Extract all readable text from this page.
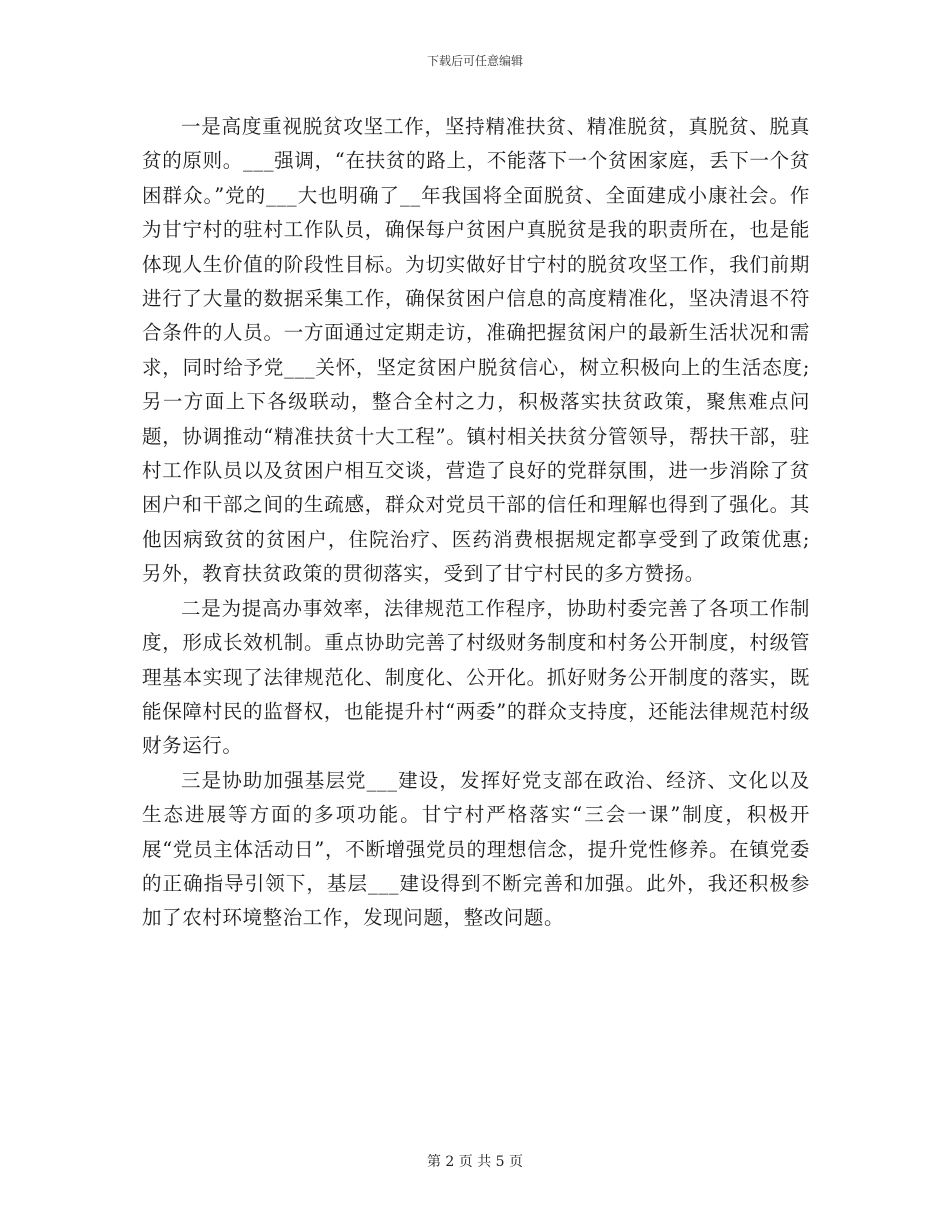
下载后可任意编辑

一是高度重视脱贫攻坚工作，坚持精准扶贫、精准脱贫，真脱贫、脱真贫的原则。___强调，“在扶贫的路上，不能落下一个贫困家庭，丢下一个贫困群众。”党的___大也明确了__年我国将全面脱贫、全面建成小康社会。作为甘宁村的驻村工作队员，确保每户贫困户真脱贫是我的职责所在，也是能体现人生价值的阶段性目标。为切实做好甘宁村的脱贫攻坚工作，我们前期进行了大量的数据采集工作，确保贫困户信息的高度精准化，坚决清退不符合条件的人员。一方面通过定期走访，准确把握贫闲户的最新生活状况和需求，同时给予党___关怀，坚定贫困户脱贫信心，树立积极向上的生活态度;另一方面上下各级联动，整合全村之力，积极落实扶贫政策，聚焦难点问题，协调推动“精准扶贫十大工程”。镇村相关扶贫分管领导，帮扶干部，驻村工作队员以及贫困户相互交谈，营造了良好的党群氛围，进一步消除了贫困户和干部之间的生疏感，群众对党员干部的信任和理解也得到了强化。其他因病致贫的贫困户，住院治疗、医药消费根据规定都享受到了政策优惠;另外，教育扶贫政策的贯彻落实，受到了甘宁村民的多方赞扬。

二是为提高办事效率，法律规范工作程序，协助村委完善了各项工作制度，形成长效机制。重点协助完善了村级财务制度和村务公开制度，村级管理基本实现了法律规范化、制度化、公开化。抓好财务公开制度的落实，既能保障村民的监督权，也能提升村“两委”的群众支持度，还能法律规范村级财务运行。

三是协助加强基层党___建设，发挥好党支部在政治、经济、文化以及生态进展等方面的多项功能。甘宁村严格落实“三会一课”制度，积极开展“党员主体活动日”，不断增强党员的理想信念，提升党性修养。在镇党委的正确指导引领下，基层___建设得到不断完善和加强。此外，我还积极参加了农村环境整治工作，发现问题，整改问题。

第 2 页 共 5 页
